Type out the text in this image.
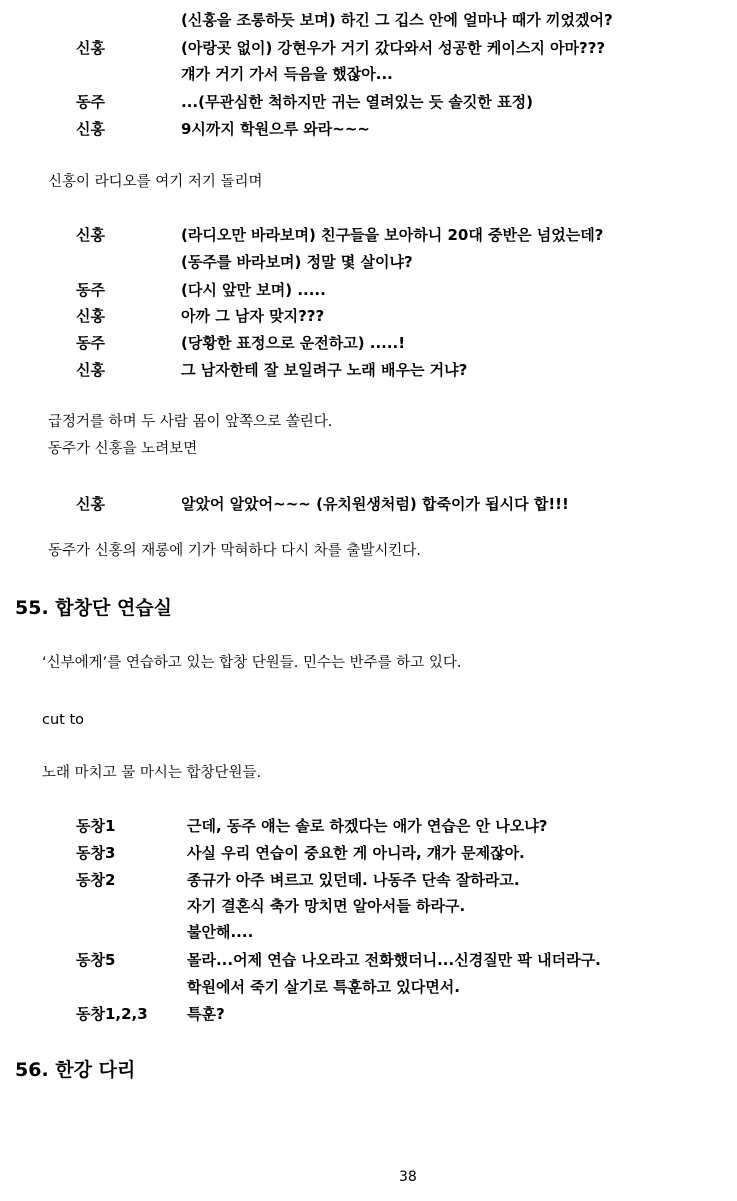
(신홍을 조롱하듯 보며) 하긴 그 깁스 안에 얼마나 때가 끼었겠어?
신홍	(아랑곳 없이) 강현우가 거기 갔다와서 성공한 케이스지 아마???
걔가 거기 가서 득음을 했잖아...
동주	...(무관심한 척하지만 귀는 열려있는 듯 솔깃한 표정)
신홍	9시까지 학원으루 와라~~~
신홍이 라디오를 여기 저기 돌리며
신홍	(라디오만 바라보며) 친구들을 보아하니 20대 중반은 넘었는데?
(동주를 바라보며) 정말 몇 살이냐?
동주	(다시 앞만 보며) .....
신홍	아까 그 남자 맞지???
동주	(당황한 표정으로 운전하고) .....!
신홍	그 남자한테 잘 보일려구 노래 배우는 거냐?
급정거를 하며 두 사람 몸이 앞쪽으로 쏠린다.
동주가 신홍을 노려보면
신홍	알았어 알았어~~~ (유치원생처럼) 합죽이가 됩시다 합!!!
동주가 신홍의 재롱에 기가 막혀하다 다시 차를 출발시킨다.
55. 합창단 연습실
‘신부에게’를 연습하고 있는 합창 단원들. 민수는 반주를 하고 있다.
cut to
노래 마치고 물 마시는 합창단원들.
동창1	근데, 동주 얘는 솔로 하겠다는 애가 연습은 안 나오냐?
동창3	사실 우리 연습이 중요한 게 아니라, 걔가 문제잖아.
동창2	종규가 아주 벼르고 있던데. 나동주 단속 잘하라고.
자기 결혼식 축가 망치면 알아서들 하라구.
불안해....
동창5	몰라...어제 연습 나오라고 전화했더니...신경질만 팍 내더라구.
학원에서 죽기 살기로 특훈하고 있다면서.
동창1,2,3	특훈?
56. 한강 다리
38
